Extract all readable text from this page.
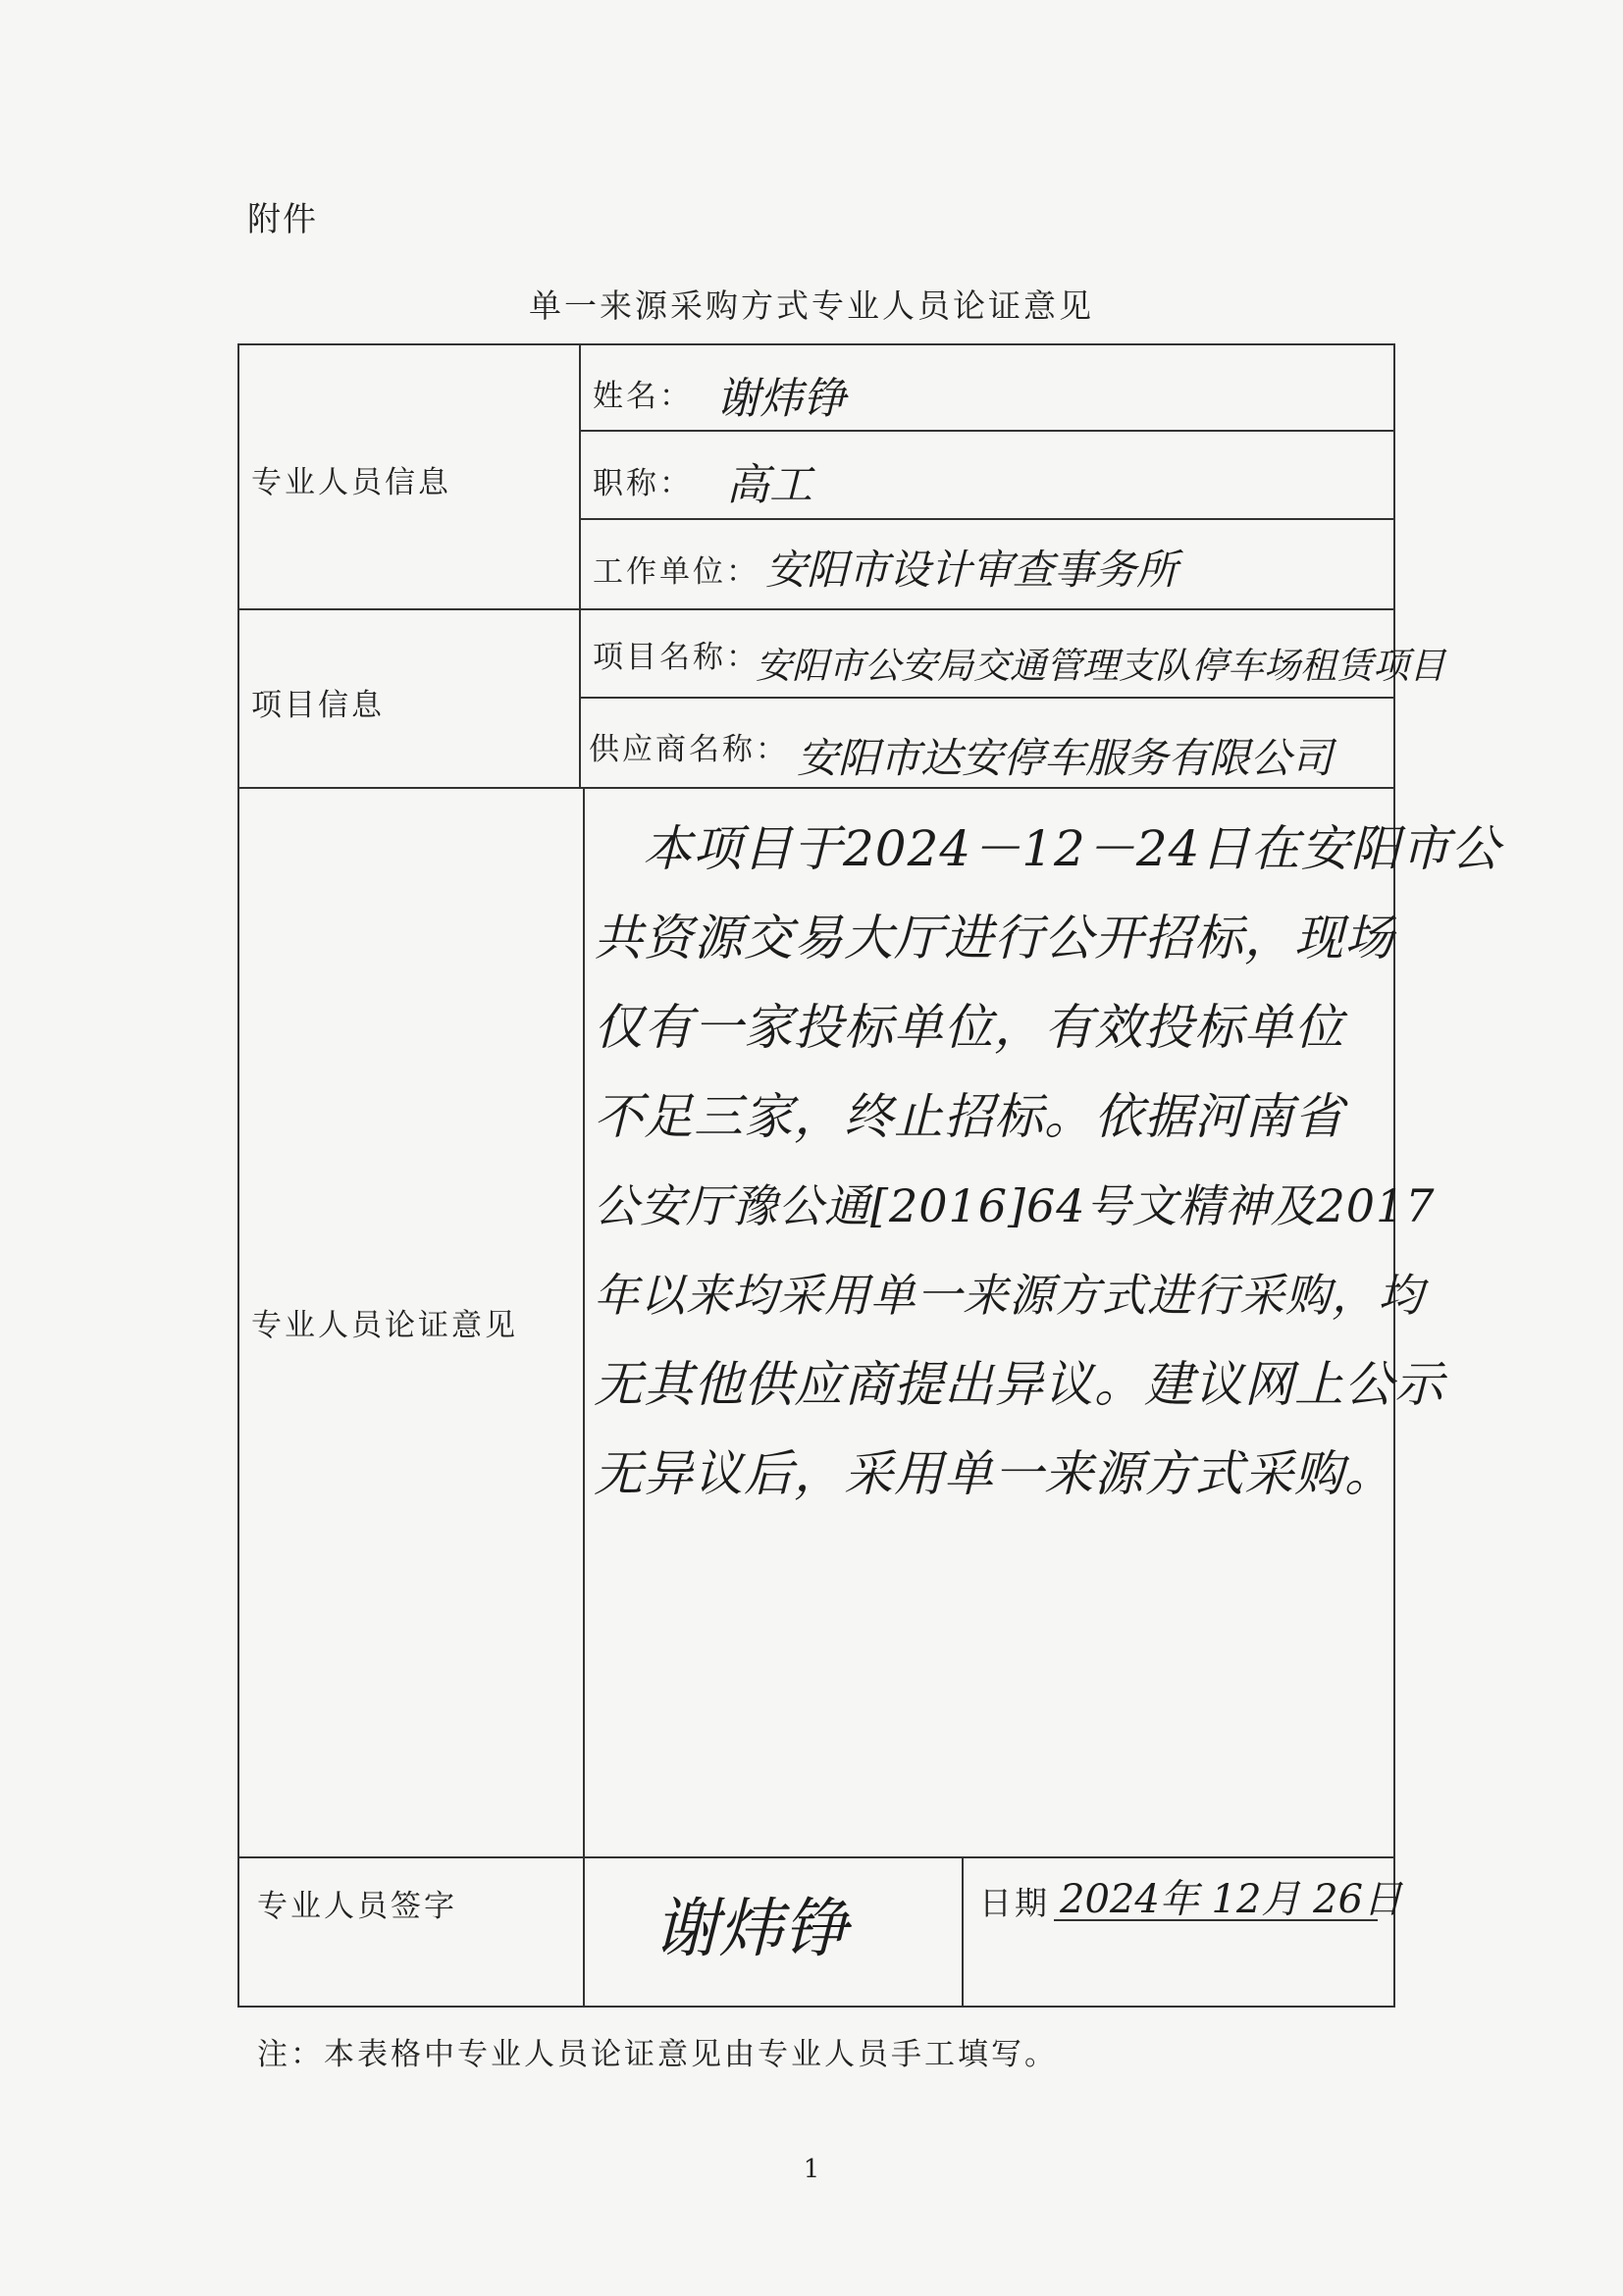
附件
单一来源采购方式专业人员论证意见
专业人员信息
项目信息
专业人员论证意见
专业人员签字
姓名：
职称：
工作单位：
项目名称：
供应商名称：
谢炜铮
高工
安阳市设计审查事务所
安阳市公安局交通管理支队停车场租赁项目
安阳市达安停车服务有限公司
本项目于2024－12－24日在安阳市公
共资源交易大厅进行公开招标，现场
仅有一家投标单位，有效投标单位
不足三家，终止招标。依据河南省
公安厅豫公通[2016]64号文精神及2017
年以来均采用单一来源方式进行采购，均
无其他供应商提出异议。建议网上公示
无异议后，采用单一来源方式采购。
谢炜铮	日期 2024年 12月 26日
注：本表格中专业人员论证意见由专业人员手工填写。
1
